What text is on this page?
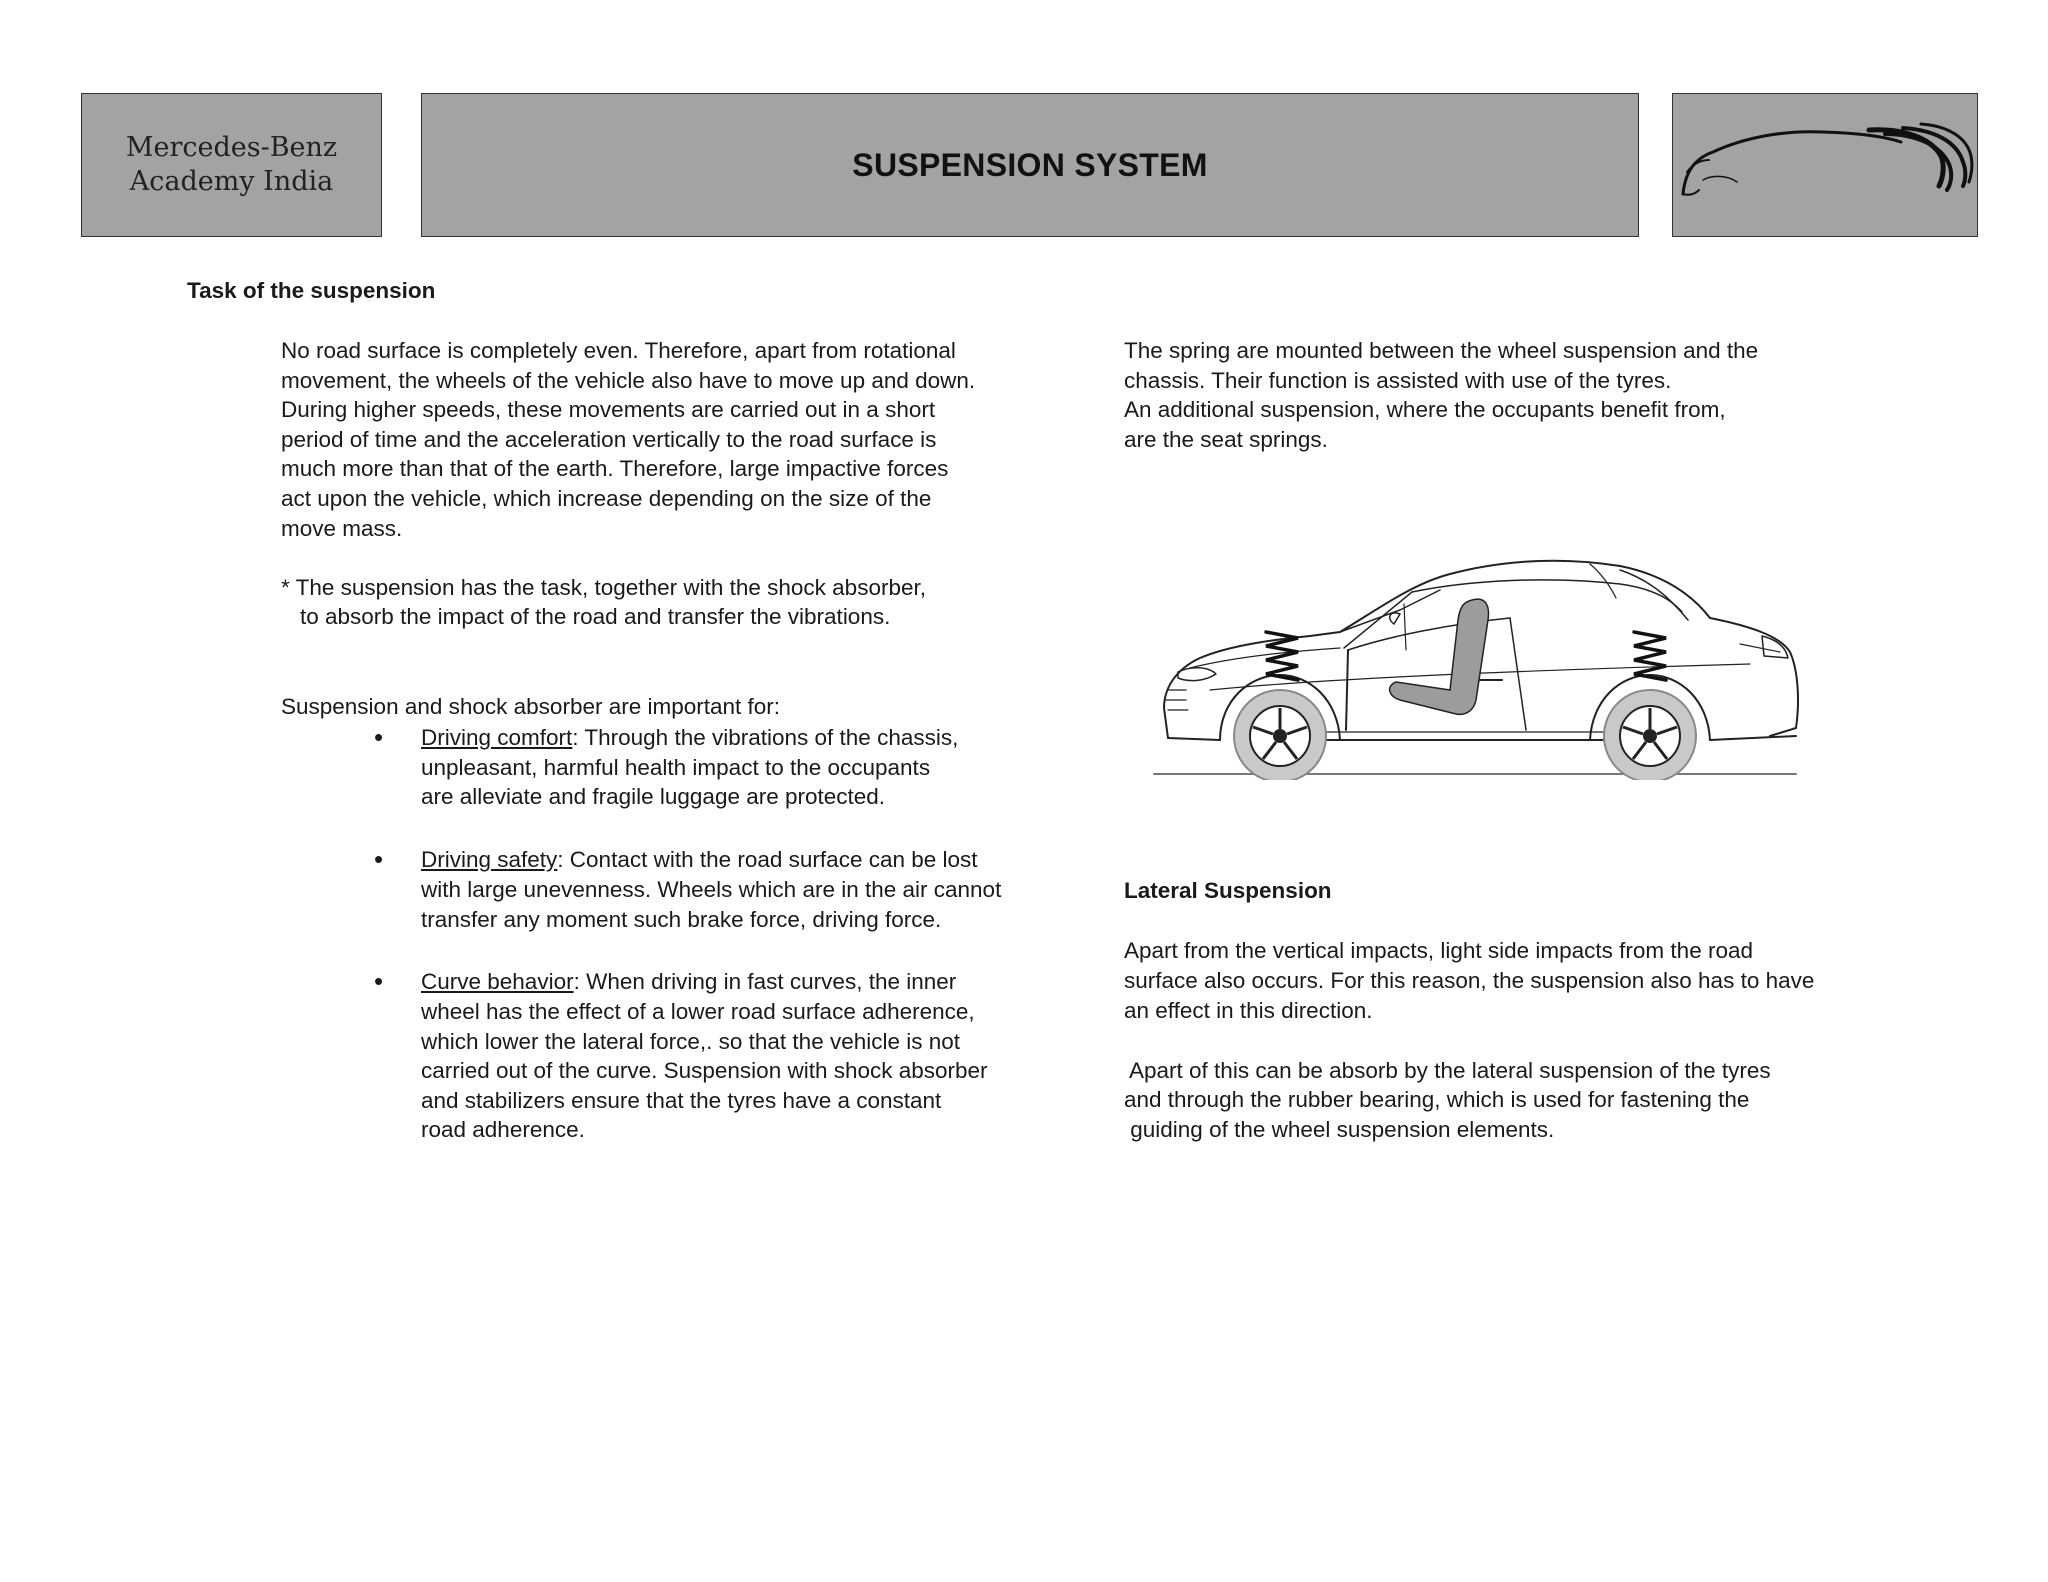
Mercedes-Benz
Academy India	SUSPENSION SYSTEM
Task of the suspension
No road surface is completely even. Therefore, apart from rotational
movement, the wheels of the vehicle also have to move up and down.
During higher speeds, these movements are carried out in a short
period of time and the acceleration vertically to the road surface is
much more than that of the earth. Therefore, large impactive forces
act upon the vehicle, which increase depending on the size of the
move mass.
* The suspension has the task, together with the shock absorber,
to absorb the impact of the road and transfer the vibrations.
Suspension and shock absorber are important for:
• Driving comfort: Through the vibrations of the chassis,
unpleasant, harmful health impact to the occupants
are alleviate and fragile luggage are protected.
• Driving safety: Contact with the road surface can be lost
with large unevenness. Wheels which are in the air cannot
transfer any moment such brake force, driving force.
• Curve behavior: When driving in fast curves, the inner
wheel has the effect of a lower road surface adherence,
which lower the lateral force,. so that the vehicle is not
carried out of the curve. Suspension with shock absorber
and stabilizers ensure that the tyres have a constant
road adherence.
The spring are mounted between the wheel suspension and the
chassis. Their function is assisted with use of the tyres.
An additional suspension, where the occupants benefit from,
are the seat springs.
Lateral Suspension
Apart from the vertical impacts, light side impacts from the road
surface also occurs. For this reason, the suspension also has to have
an effect in this direction.
Apart of this can be absorb by the lateral suspension of the tyres
and through the rubber bearing, which is used for fastening the
guiding of the wheel suspension elements.
